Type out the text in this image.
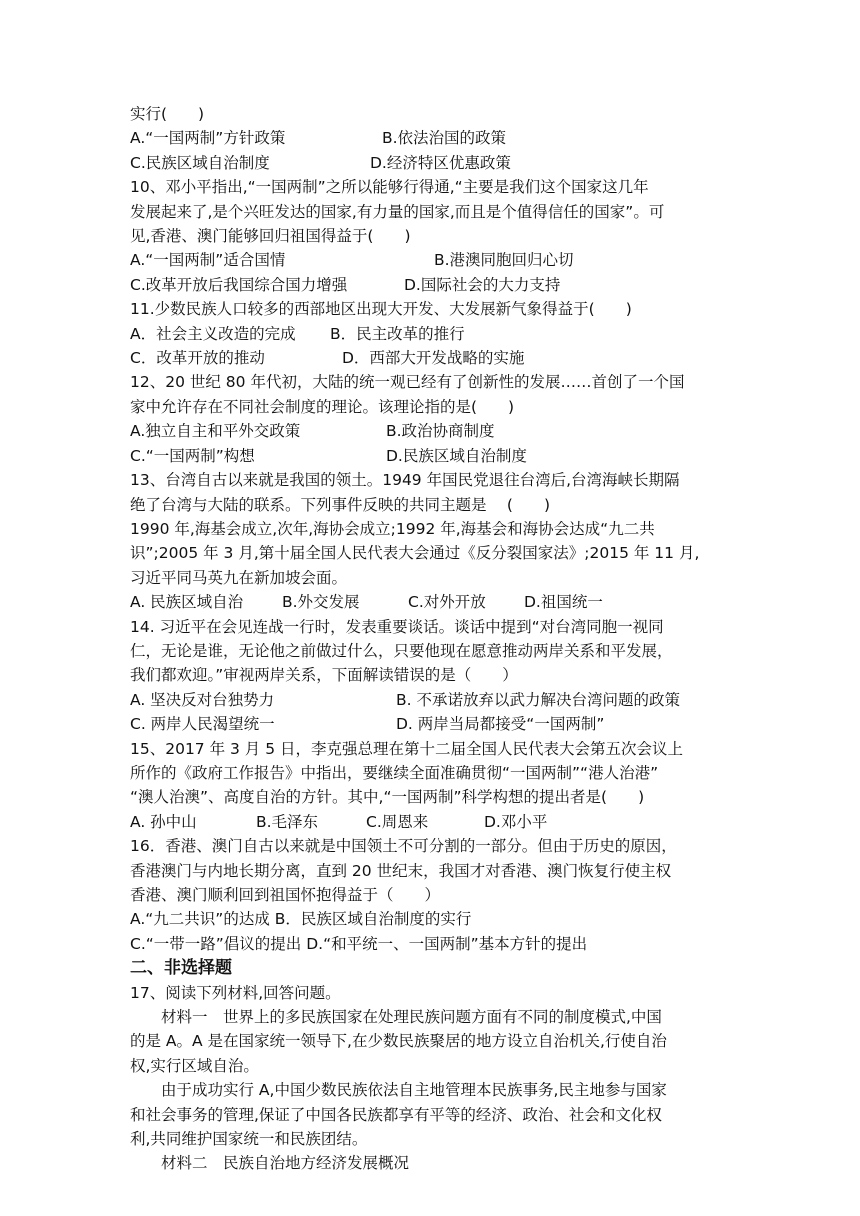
实行(　　)
A.“一国两制”方针政策	B.依法治国的政策
C.民族区域自治制度	D.经济特区优惠政策
10、邓小平指出,“一国两制”之所以能够行得通,“主要是我们这个国家这几年
发展起来了,是个兴旺发达的国家,有力量的国家,而且是个值得信任的国家”。可
见,香港、澳门能够回归祖国得益于(　　)
A.“一国两制”适合国情	B.港澳同胞回归心切
C.改革开放后我国综合国力增强	D.国际社会的大力支持
11.少数民族人口较多的西部地区出现大开发、大发展新气象得益于(　　)
A．社会主义改造的完成	B．民主改革的推行
C．改革开放的推动	D．西部大开发战略的实施
12、20 世纪 80 年代初，大陆的统一观已经有了创新性的发展……首创了一个国
家中允许存在不同社会制度的理论。该理论指的是(　　)
A.独立自主和平外交政策	B.政治协商制度
C.“一国两制”构想	D.民族区域自治制度
13、台湾自古以来就是我国的领土。1949 年国民党退往台湾后,台湾海峡长期隔
绝了台湾与大陆的联系。下列事件反映的共同主题是　 (　　)
1990 年,海基会成立,次年,海协会成立;1992 年,海基会和海协会达成“九二共
识”;2005 年 3 月,第十届全国人民代表大会通过《反分裂国家法》;2015 年 11 月,
习近平同马英九在新加坡会面。
A. 民族区域自治	B.外交发展	C.对外开放	D.祖国统一
14. 习近平在会见连战一行时，发表重要谈话。谈话中提到“对台湾同胞一视同
仁，无论是谁，无论他之前做过什么，只要他现在愿意推动两岸关系和平发展，
我们都欢迎。”审视两岸关系，下面解读错误的是（　　）
A. 坚决反对台独势力	B. 不承诺放弃以武力解决台湾问题的政策
C. 两岸人民渴望统一	D. 两岸当局都接受“一国两制”
15、2017 年 3 月 5 日，李克强总理在第十二届全国人民代表大会第五次会议上
所作的《政府工作报告》中指出，要继续全面准确贯彻“一国两制”“港人治港”
“澳人治澳”、高度自治的方针。其中,“一国两制”科学构想的提出者是(　　)
A. 孙中山	B.毛泽东	C.周恩来	D.邓小平
16．香港、澳门自古以来就是中国领土不可分割的一部分。但由于历史的原因，
香港澳门与内地长期分离，直到 20 世纪末，我国才对香港、澳门恢复行使主权
香港、澳门顺利回到祖国怀抱得益于（　　）
A.“九二共识”的达成 B．民族区域自治制度的实行
C.“一带一路”倡议的提出 D.“和平统一、一国两制”基本方针的提出
二、非选择题
17、阅读下列材料,回答问题。
材料一　世界上的多民族国家在处理民族问题方面有不同的制度模式,中国
的是 A。A 是在国家统一领导下,在少数民族聚居的地方设立自治机关,行使自治
权,实行区域自治。
由于成功实行 A,中国少数民族依法自主地管理本民族事务,民主地参与国家
和社会事务的管理,保证了中国各民族都享有平等的经济、政治、社会和文化权
利,共同维护国家统一和民族团结。
材料二　民族自治地方经济发展概况
